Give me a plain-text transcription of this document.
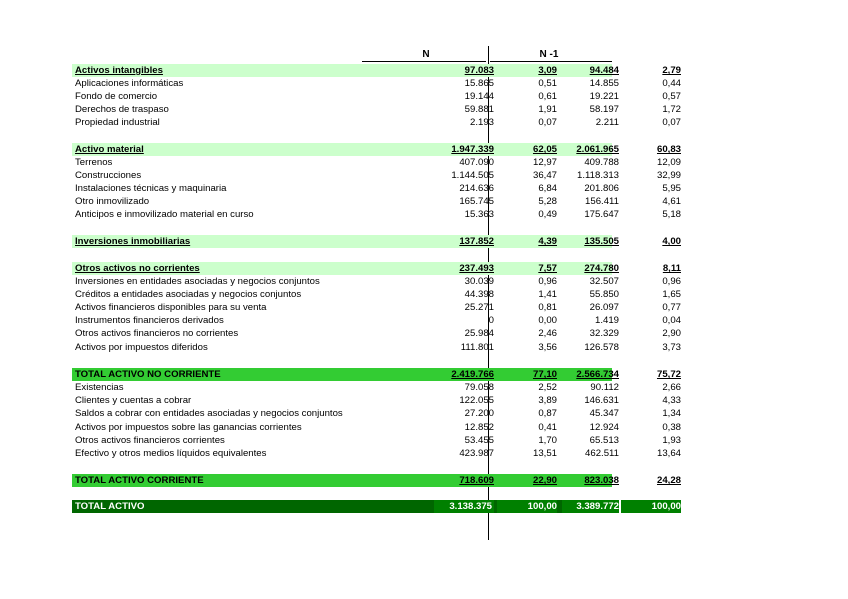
N	N -1
Activos intangibles	97.083	3,09	94.484	2,79
Aplicaciones informáticas	15.865	0,51	14.855	0,44
Fondo de comercio	19.144	0,61	19.221	0,57
Derechos de traspaso	59.881	1,91	58.197	1,72
Propiedad industrial	2.193	0,07	2.211	0,07
Activo material	1.947.339	62,05	2.061.965	60,83
Terrenos	407.090	12,97	409.788	12,09
Construcciones	1.144.505	36,47	1.118.313	32,99
Instalaciones técnicas y maquinaria	214.636	6,84	201.806	5,95
Otro inmovilizado	165.745	5,28	156.411	4,61
Anticipos e inmovilizado material en curso	15.363	0,49	175.647	5,18
Inversiones inmobiliarias	137.852	4,39	135.505	4,00
Otros activos no corrientes	237.493	7,57	274.780	8,11
Inversiones en entidades asociadas y negocios conjuntos	30.039	0,96	32.507	0,96
Créditos a entidades asociadas y negocios conjuntos	44.398	1,41	55.850	1,65
Activos financieros disponibles para su venta	25.271	0,81	26.097	0,77
Instrumentos financieros derivados	0	0,00	1.419	0,04
Otros activos financieros no corrientes	25.984	2,46	32.329	2,90
Activos por impuestos diferidos	111.801	3,56	126.578	3,73
TOTAL ACTIVO NO CORRIENTE	2.419.766	77,10	2.566.734	75,72
Existencias	79.058	2,52	90.112	2,66
Clientes y cuentas a cobrar	122.055	3,89	146.631	4,33
Saldos a cobrar con entidades asociadas y negocios conjuntos	27.200	0,87	45.347	1,34
Activos por impuestos sobre las ganancias corrientes	12.852	0,41	12.924	0,38
Otros activos financieros corrientes	53.455	1,70	65.513	1,93
Efectivo y otros medios líquidos equivalentes	423.987	13,51	462.511	13,64
TOTAL ACTIVO CORRIENTE	718.609	22,90	823.038	24,28
TOTAL ACTIVO	3.138.375	100,00	3.389.772	100,00
